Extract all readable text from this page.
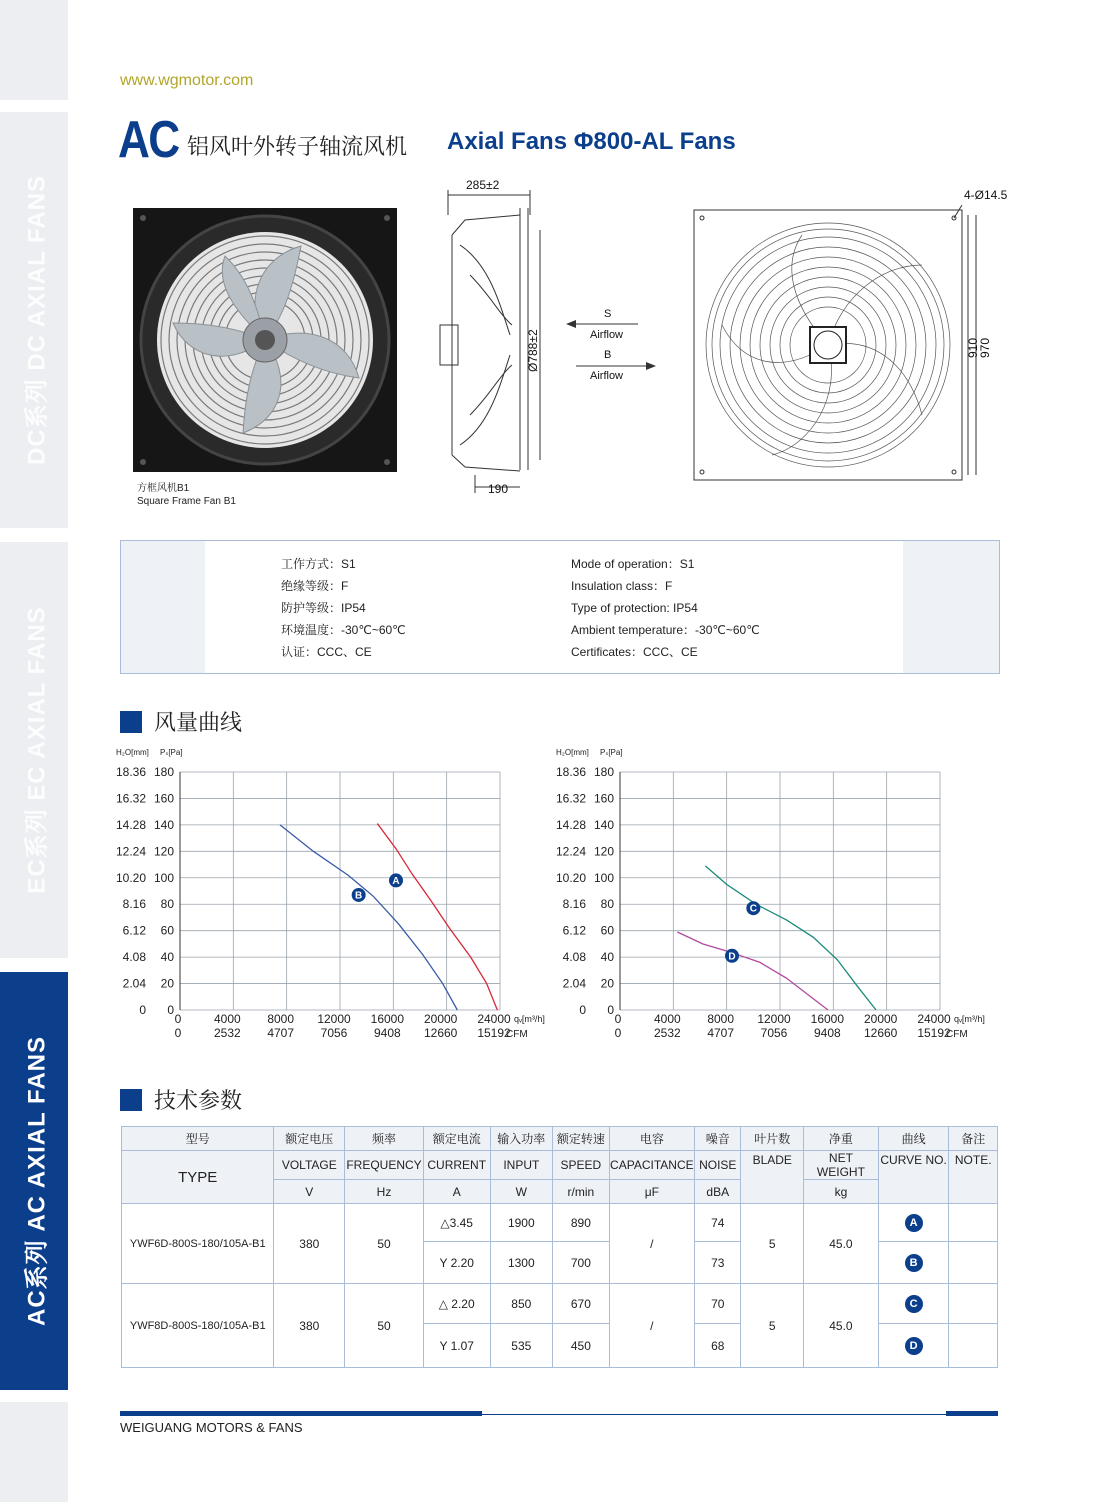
DC系列 DC AXIAL FANS
EC系列 EC AXIAL FANS
AC系列 AC AXIAL FANS
www.wgmotor.com
AC 铝风叶外转子轴流风机 Axial Fans Φ800-AL Fans
方框风机B1
Square Frame Fan B1
285±2
190
Ø788±2
S
Airflow
B
Airflow
4-Ø14.5
910
970
工作方式：S1
绝缘等级：F
防护等级：IP54
环境温度：-30℃~60℃
认证：CCC、CE
Mode of operation：S1
Insulation class：F
Type of protection: IP54
Ambient temperature：-30℃~60℃
Certificates：CCC、CE
风量曲线
H₂O[mm] Pₛ[Pa]
18.36 180
16.32 160
14.28 140
12.24 120
10.20 100
8.16 80
6.12 60
4.08 40
2.04 20
0 0
0
0
4000
2532
8000
4707
12000
7056
16000
9408
20000
12660
24000
15192
qᵥ[m³/h]
CFM
A
B
H₂O[mm] Pₛ[Pa]
18.36 180
16.32 160
14.28 140
12.24 120
10.20 100
8.16 80
6.12 60
4.08 40
2.04 20
0 0
0
0
4000
2532
8000
4707
12000
7056
16000
9408
20000
12660
24000
15192
qᵥ[m³/h]
CFM
C
D
技术参数
型号	额定电压	频率	额定电流	输入功率	额定转速	电容	噪音	叶片数	净重	曲线	备注
TYPE	VOLTAGE	FREQUENCY	CURRENT	INPUT	SPEED	CAPACITANCE	NOISE	BLADE	NET WEIGHT	CURVE NO.	NOTE.
	V	Hz	A	W	r/min	μF	dBA		kg		
YWF6D-800S-180/105A-B1	380	50	△3.45	1900	890	/	74	5	45.0	A	
			Y 2.20	1300	700		73			B	
YWF8D-800S-180/105A-B1	380	50	△ 2.20	850	670	/	70	5	45.0	C	
			Y 1.07	535	450		68			D	
WEIGUANG MOTORS & FANS
